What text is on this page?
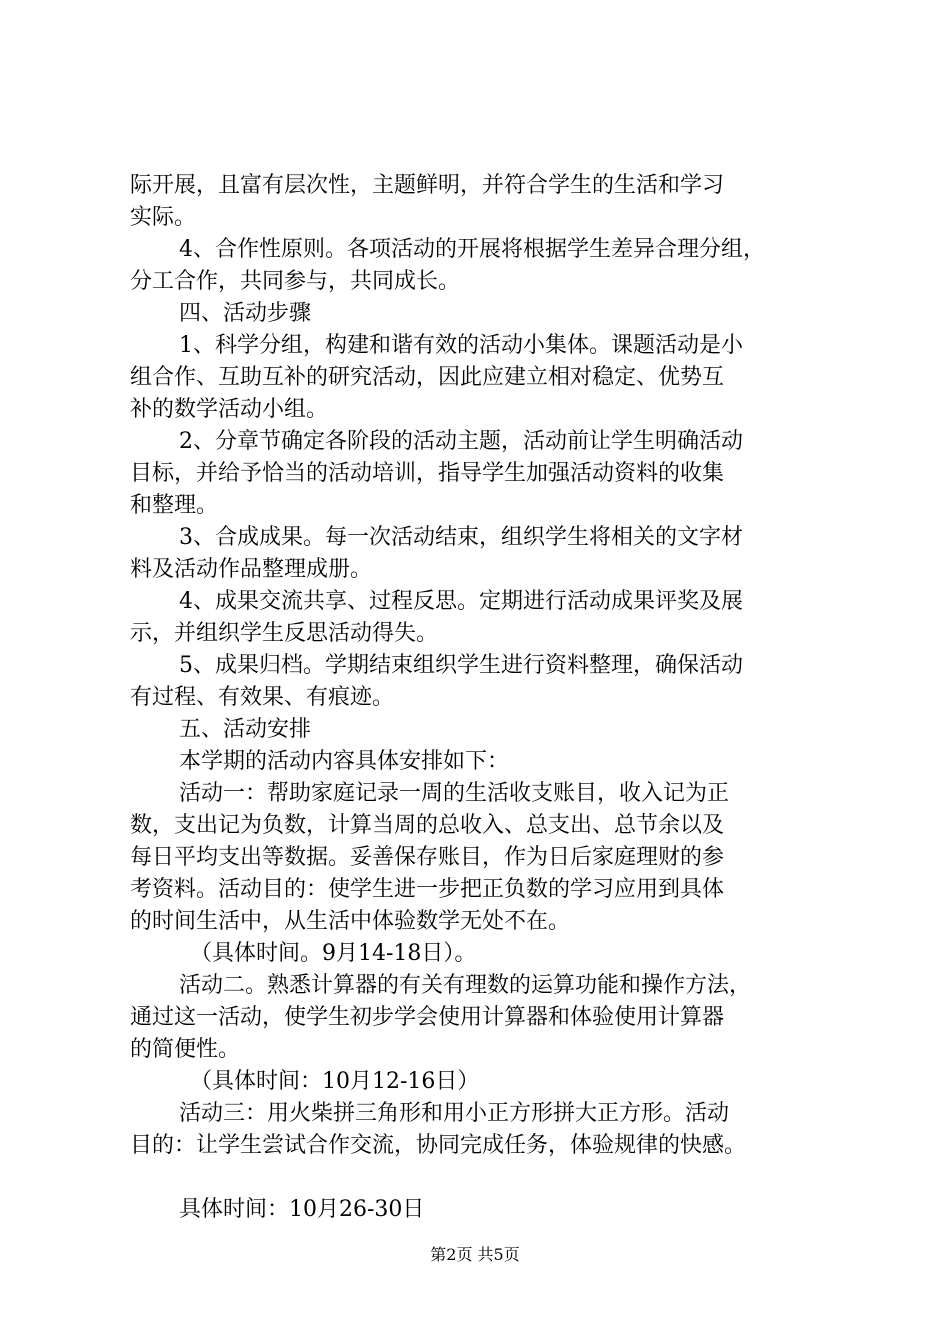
际开展，且富有层次性，主题鲜明，并符合学生的生活和学习
实际。
4、合作性原则。各项活动的开展将根据学生差异合理分组，
分工合作，共同参与，共同成长。
四、活动步骤
1、科学分组，构建和谐有效的活动小集体。课题活动是小
组合作、互助互补的研究活动，因此应建立相对稳定、优势互
补的数学活动小组。
2、分章节确定各阶段的活动主题，活动前让学生明确活动
目标，并给予恰当的活动培训，指导学生加强活动资料的收集
和整理。
3、合成成果。每一次活动结束，组织学生将相关的文字材
料及活动作品整理成册。
4、成果交流共享、过程反思。定期进行活动成果评奖及展
示，并组织学生反思活动得失。
5、成果归档。学期结束组织学生进行资料整理，确保活动
有过程、有效果、有痕迹。
五、活动安排
本学期的活动内容具体安排如下：
活动一：帮助家庭记录一周的生活收支账目，收入记为正
数，支出记为负数，计算当周的总收入、总支出、总节余以及
每日平均支出等数据。妥善保存账目，作为日后家庭理财的参
考资料。活动目的：使学生进一步把正负数的学习应用到具体
的时间生活中，从生活中体验数学无处不在。
（具体时间。9月14-18日）。
活动二。熟悉计算器的有关有理数的运算功能和操作方法，
通过这一活动，使学生初步学会使用计算器和体验使用计算器
的简便性。
（具体时间：10月12-16日）
活动三：用火柴拼三角形和用小正方形拼大正方形。活动
目的：让学生尝试合作交流，协同完成任务，体验规律的快感。
具体时间：10月26-30日
第2页 共5页
